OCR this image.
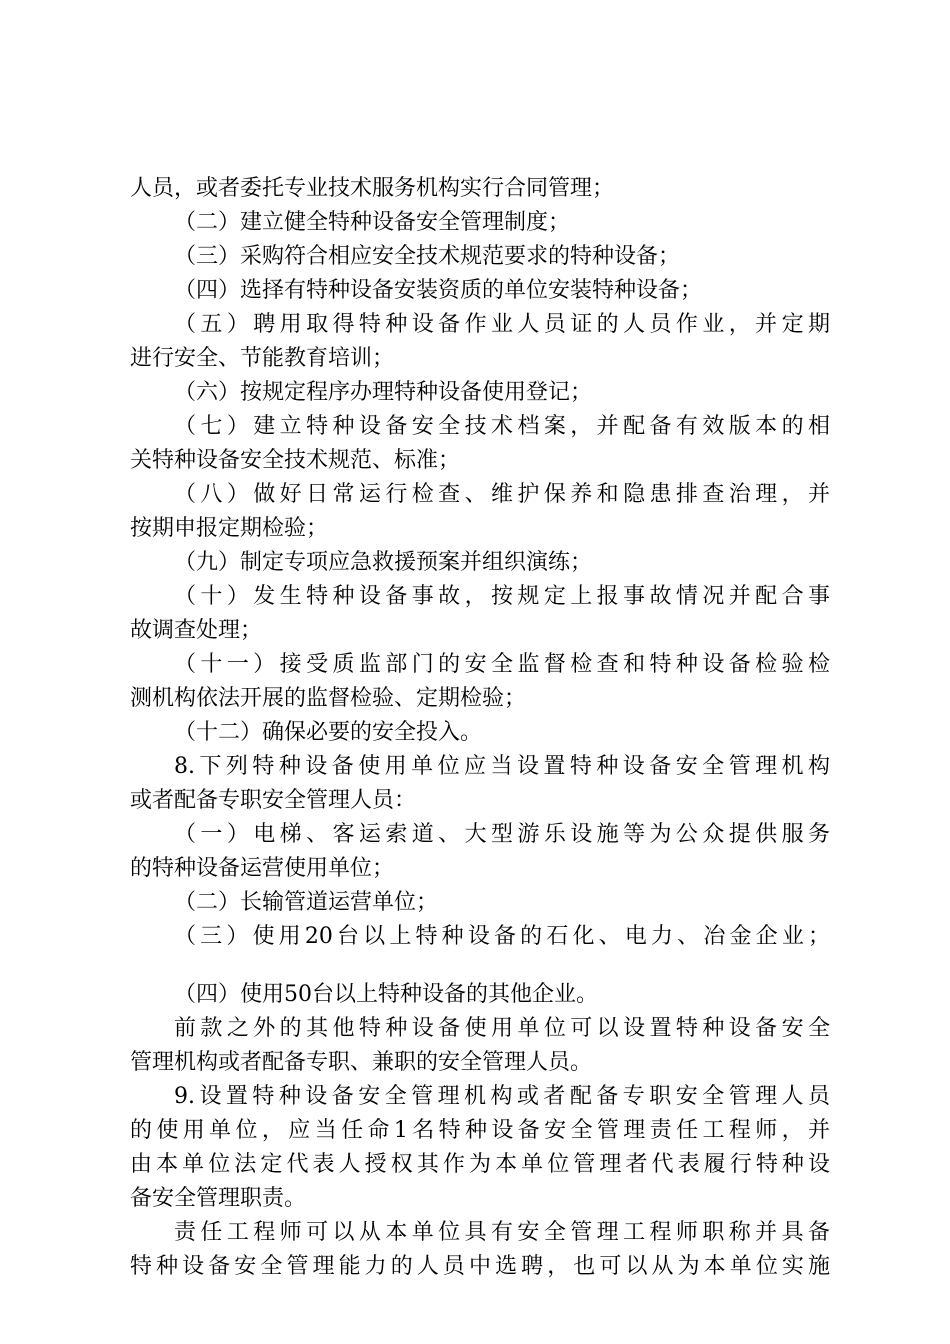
人员，或者委托专业技术服务机构实行合同管理；
（二）建立健全特种设备安全管理制度；
（三）采购符合相应安全技术规范要求的特种设备；
（四）选择有特种设备安装资质的单位安装特种设备；
（五）聘用取得特种设备作业人员证的人员作业，并定期
进行安全、节能教育培训；
（六）按规定程序办理特种设备使用登记；
（七）建立特种设备安全技术档案，并配备有效版本的相
关特种设备安全技术规范、标准；
（八）做好日常运行检查、维护保养和隐患排查治理，并
按期申报定期检验；
（九）制定专项应急救援预案并组织演练；
（十）发生特种设备事故，按规定上报事故情况并配合事
故调查处理；
（十一）接受质监部门的安全监督检查和特种设备检验检
测机构依法开展的监督检验、定期检验；
（十二）确保必要的安全投入。
8.下列特种设备使用单位应当设置特种设备安全管理机构
或者配备专职安全管理人员：
（一）电梯、客运索道、大型游乐设施等为公众提供服务
的特种设备运营使用单位；
（二）长输管道运营单位；
（三）使用20台以上特种设备的石化、电力、冶金企业；
（四）使用50台以上特种设备的其他企业。
前款之外的其他特种设备使用单位可以设置特种设备安全
管理机构或者配备专职、兼职的安全管理人员。
9.设置特种设备安全管理机构或者配备专职安全管理人员
的使用单位，应当任命1名特种设备安全管理责任工程师，并
由本单位法定代表人授权其作为本单位管理者代表履行特种设
备安全管理职责。
责任工程师可以从本单位具有安全管理工程师职称并具备
特种设备安全管理能力的人员中选聘，也可以从为本单位实施
